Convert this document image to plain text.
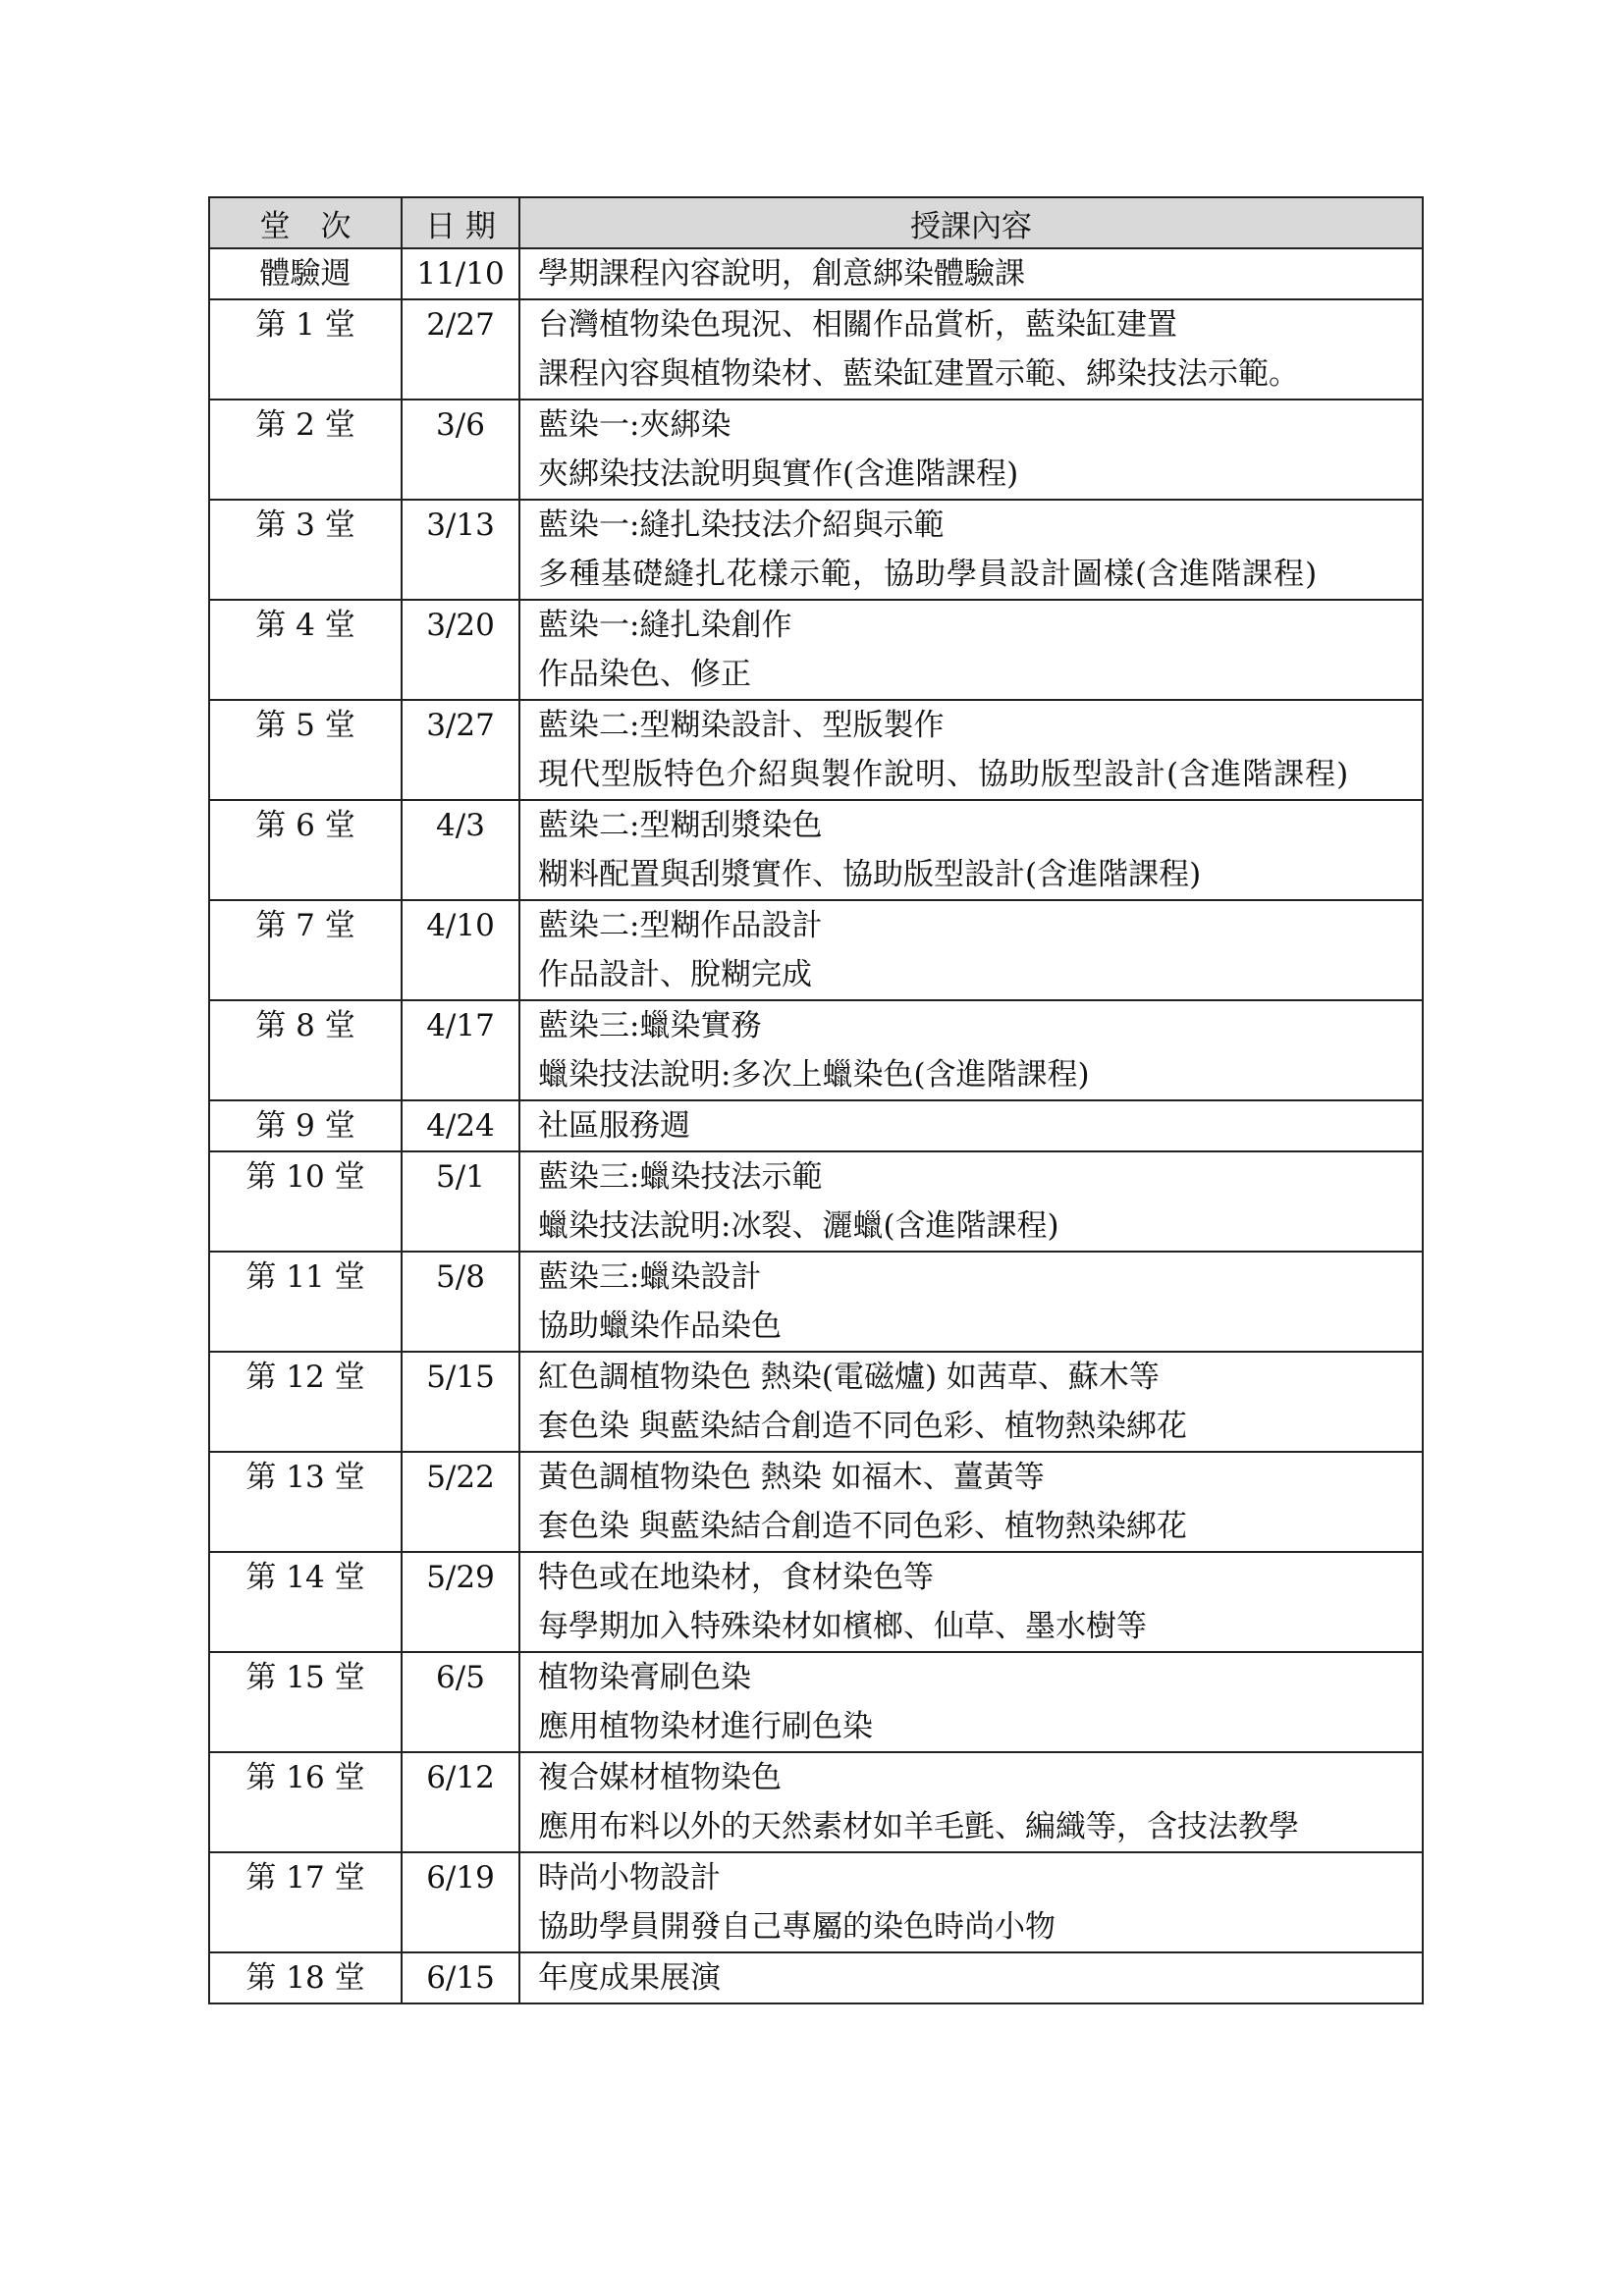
堂　次	日 期	授課內容
體驗週	11/10	學期課程內容說明，創意綁染體驗課

第 1 堂	2/27	台灣植物染色現況、相關作品賞析，藍染缸建置
課程內容與植物染材、藍染缸建置示範、綁染技法示範。

第 2 堂	3/6	藍染一:夾綁染
夾綁染技法說明與實作(含進階課程)

第 3 堂	3/13	藍染一:縫扎染技法介紹與示範
多種基礎縫扎花樣示範，協助學員設計圖樣(含進階課程)

第 4 堂	3/20	藍染一:縫扎染創作
作品染色、修正

第 5 堂	3/27	藍染二:型糊染設計、型版製作
現代型版特色介紹與製作說明、協助版型設計(含進階課程)

第 6 堂	4/3	藍染二:型糊刮漿染色
糊料配置與刮漿實作、協助版型設計(含進階課程)

第 7 堂	4/10	藍染二:型糊作品設計
作品設計、脫糊完成

第 8 堂	4/17	藍染三:蠟染實務
蠟染技法說明:多次上蠟染色(含進階課程)

第 9 堂	4/24	社區服務週

第 10 堂	5/1	藍染三:蠟染技法示範
蠟染技法說明:冰裂、灑蠟(含進階課程)

第 11 堂	5/8	藍染三:蠟染設計
協助蠟染作品染色

第 12 堂	5/15	紅色調植物染色 熱染(電磁爐) 如茜草、蘇木等
套色染 與藍染結合創造不同色彩、植物熱染綁花

第 13 堂	5/22	黃色調植物染色 熱染 如福木、薑黃等
套色染 與藍染結合創造不同色彩、植物熱染綁花

第 14 堂	5/29	特色或在地染材，食材染色等
每學期加入特殊染材如檳榔、仙草、墨水樹等

第 15 堂	6/5	植物染膏刷色染
應用植物染材進行刷色染

第 16 堂	6/12	複合媒材植物染色
應用布料以外的天然素材如羊毛氈、編織等，含技法教學

第 17 堂	6/19	時尚小物設計
協助學員開發自己專屬的染色時尚小物

第 18 堂	6/15	年度成果展演
